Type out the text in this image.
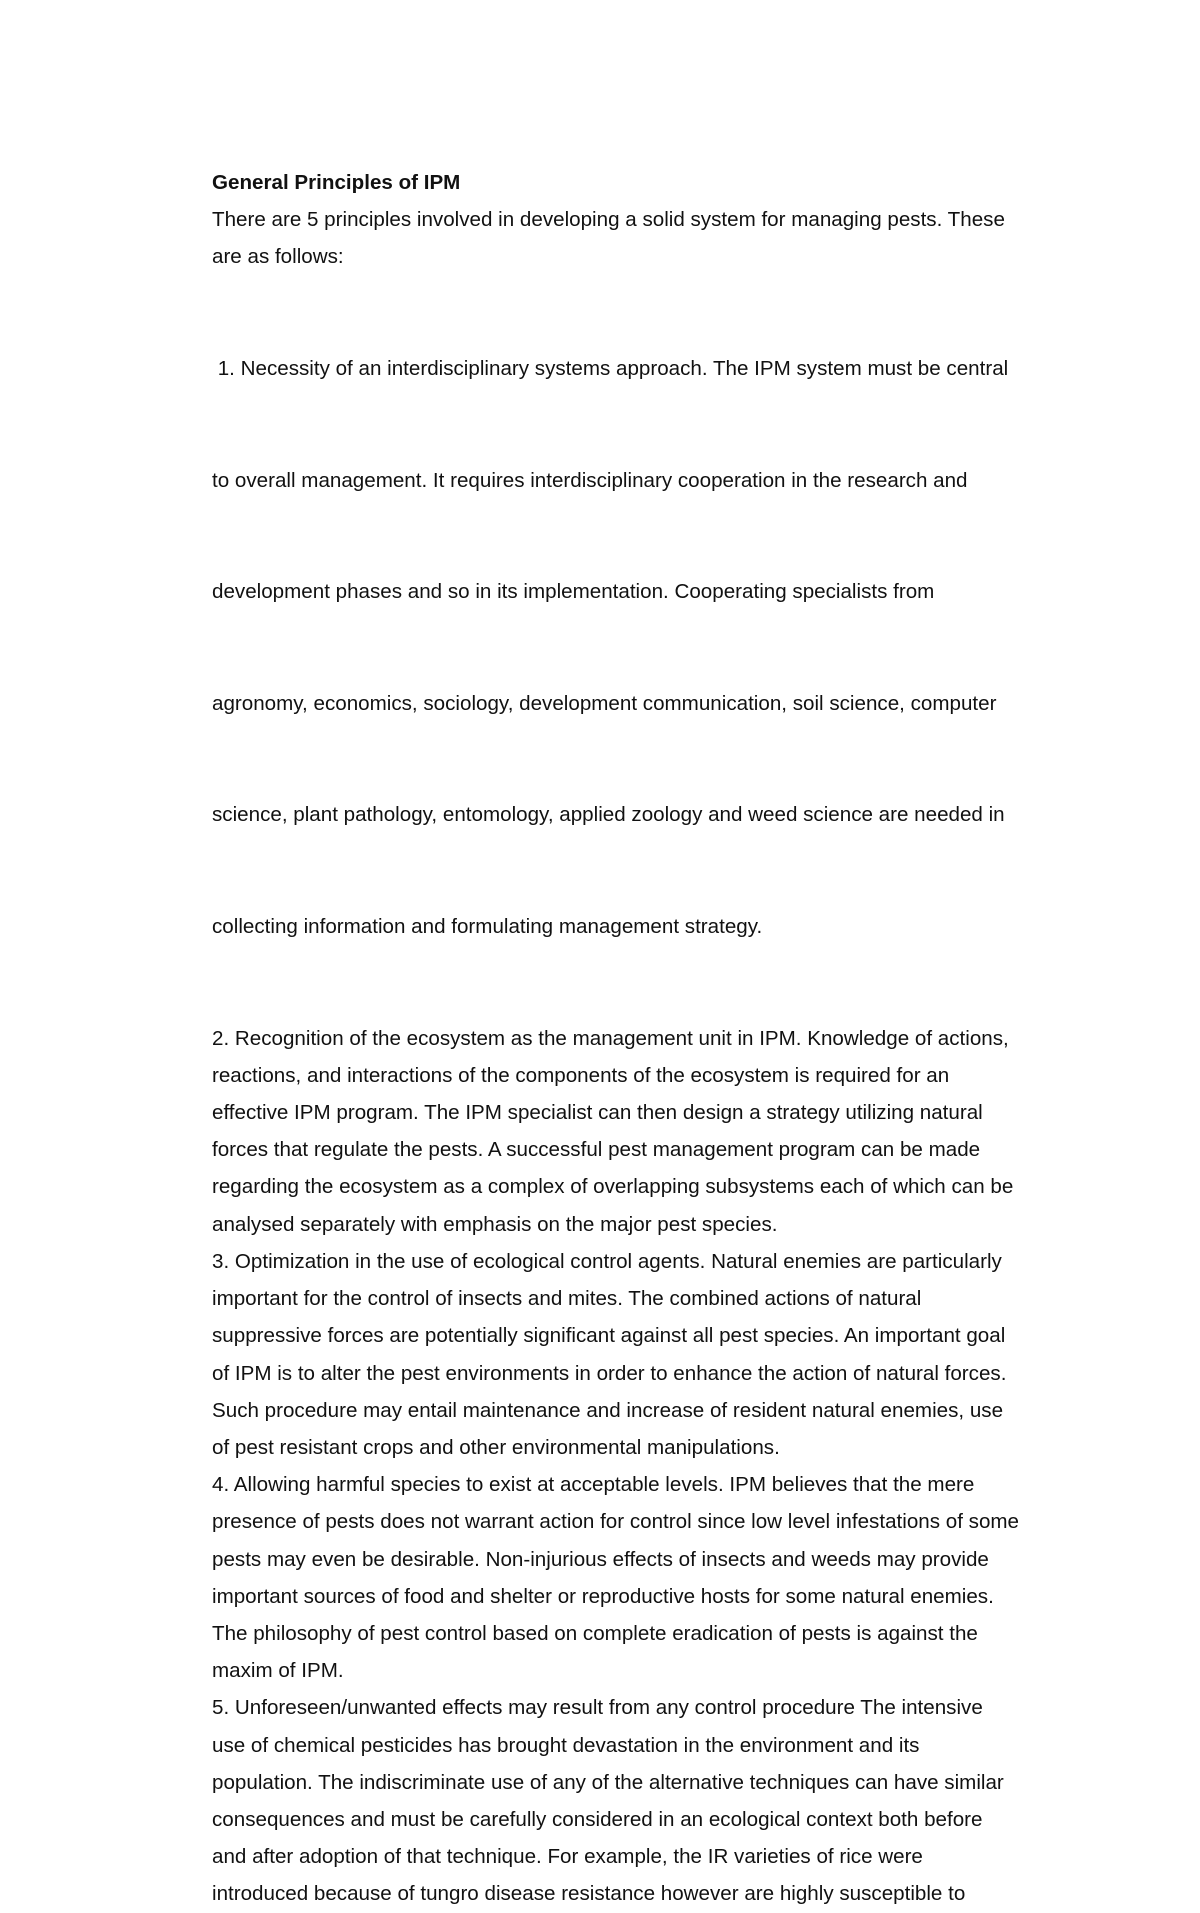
General Principles of IPM

There are 5 principles involved in developing a solid system for managing pests. These
are as follows:

1. Necessity of an interdisciplinary systems approach. The IPM system must be central

to overall management. It requires interdisciplinary cooperation in the research and

development phases and so in its implementation. Cooperating specialists from

agronomy, economics, sociology, development communication, soil science, computer

science, plant pathology, entomology, applied zoology and weed science are needed in

collecting information and formulating management strategy.

2. Recognition of the ecosystem as the management unit in IPM. Knowledge of actions,
reactions, and interactions of the components of the ecosystem is required for an
effective IPM program. The IPM specialist can then design a strategy utilizing natural
forces that regulate the pests. A successful pest management program can be made
regarding the ecosystem as a complex of overlapping subsystems each of which can be
analysed separately with emphasis on the major pest species.

3. Optimization in the use of ecological control agents. Natural enemies are particularly
important for the control of insects and mites. The combined actions of natural
suppressive forces are potentially significant against all pest species. An important goal
of IPM is to alter the pest environments in order to enhance the action of natural forces.
Such procedure may entail maintenance and increase of resident natural enemies, use
of pest resistant crops and other environmental manipulations.

4. Allowing harmful species to exist at acceptable levels. IPM believes that the mere
presence of pests does not warrant action for control since low level infestations of some
pests may even be desirable. Non-injurious effects of insects and weeds may provide
important sources of food and shelter or reproductive hosts for some natural enemies.
The philosophy of pest control based on complete eradication of pests is against the
maxim of IPM.

5. Unforeseen/unwanted effects may result from any control procedure The intensive
use of chemical pesticides has brought devastation in the environment and its
population. The indiscriminate use of any of the alternative techniques can have similar
consequences and must be carefully considered in an ecological context both before
and after adoption of that technique. For example, the IR varieties of rice were
introduced because of tungro disease resistance however are highly susceptible to
